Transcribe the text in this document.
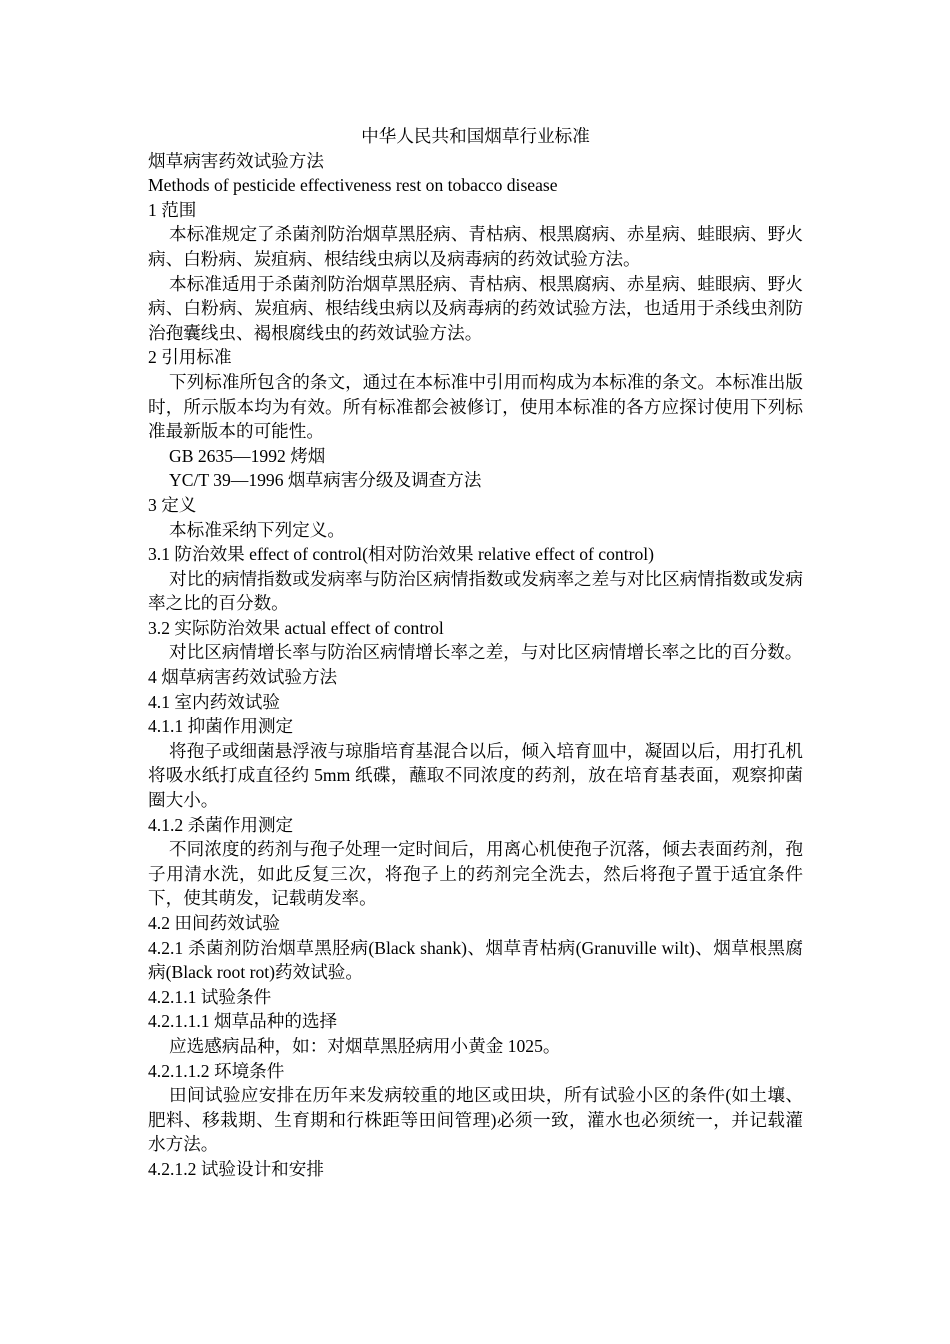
中华人民共和国烟草行业标准
烟草病害药效试验方法
Methods of pesticide effectiveness rest on tobacco disease
1 范围
本标准规定了杀菌剂防治烟草黑胫病、青枯病、根黑腐病、赤星病、蛙眼病、野火病、白粉病、炭疽病、根结线虫病以及病毒病的药效试验方法。
本标准适用于杀菌剂防治烟草黑胫病、青枯病、根黑腐病、赤星病、蛙眼病、野火病、白粉病、炭疽病、根结线虫病以及病毒病的药效试验方法，也适用于杀线虫剂防治孢囊线虫、褐根腐线虫的药效试验方法。
2 引用标准
下列标准所包含的条文，通过在本标准中引用而构成为本标准的条文。本标准出版时，所示版本均为有效。所有标准都会被修订，使用本标准的各方应探讨使用下列标准最新版本的可能性。
GB 2635—1992 烤烟
YC/T 39—1996 烟草病害分级及调查方法
3 定义
本标准采纳下列定义。
3.1 防治效果 effect of control(相对防治效果 relative effect of control)
对比的病情指数或发病率与防治区病情指数或发病率之差与对比区病情指数或发病率之比的百分数。
3.2 实际防治效果 actual effect of control
对比区病情增长率与防治区病情增长率之差，与对比区病情增长率之比的百分数。
4 烟草病害药效试验方法
4.1 室内药效试验
4.1.1 抑菌作用测定
将孢子或细菌悬浮液与琼脂培育基混合以后，倾入培育皿中，凝固以后，用打孔机将吸水纸打成直径约 5mm 纸碟，蘸取不同浓度的药剂，放在培育基表面，观察抑菌圈大小。
4.1.2 杀菌作用测定
不同浓度的药剂与孢子处理一定时间后，用离心机使孢子沉落，倾去表面药剂，孢子用清水洗，如此反复三次，将孢子上的药剂完全洗去，然后将孢子置于适宜条件下，使其萌发，记载萌发率。
4.2 田间药效试验
4.2.1 杀菌剂防治烟草黑胫病(Black shank)、烟草青枯病(Granuville wilt)、烟草根黑腐病(Black root rot)药效试验。
4.2.1.1 试验条件
4.2.1.1.1 烟草品种的选择
应选感病品种，如：对烟草黑胫病用小黄金 1025。
4.2.1.1.2 环境条件
田间试验应安排在历年来发病较重的地区或田块，所有试验小区的条件(如土壤、肥料、移栽期、生育期和行株距等田间管理)必须一致，灌水也必须统一，并记载灌水方法。
4.2.1.2 试验设计和安排
